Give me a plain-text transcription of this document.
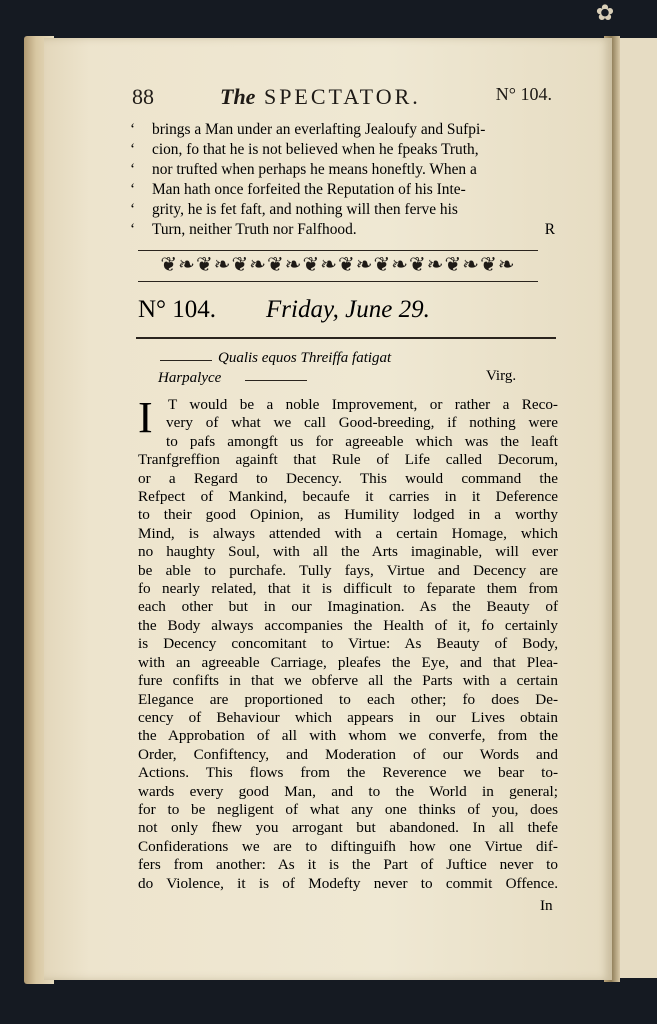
✿
88	The SPECTATOR.	N° 104.
‘ brings a Man under an everlafting Jealoufy and Sufpi-
‘ cion, fo that he is not believed when he fpeaks Truth,
‘ nor trufted when perhaps he means honeftly. When a
‘ Man hath once forfeited the Reputation of his Inte-
‘ grity, he is fet faft, and nothing will then ferve his
‘ Turn, neither Truth nor Falfhood.	R
❦❧❦❧❦❧❦❧❦❧❦❧❦❧❦❧❦❧❦❧
N° 104. Friday, June 29.
Qualis equos Threiffa fatigat
Harpalyce	Virg.
I	T would be a noble Improvement, or rather a Reco-
very of what we call Good-breeding, if nothing were
to pafs amongft us for agreeable which was the leaft
Tranfgreffion againft that Rule of Life called Decorum,
or a Regard to Decency. This would command the
Refpect of Mankind, becaufe it carries in it Deference
to their good Opinion, as Humility lodged in a worthy
Mind, is always attended with a certain Homage, which
no haughty Soul, with all the Arts imaginable, will ever
be able to purchafe. Tully fays, Virtue and Decency are
fo nearly related, that it is difficult to feparate them from
each other but in our Imagination. As the Beauty of
the Body always accompanies the Health of it, fo certainly
is Decency concomitant to Virtue: As Beauty of Body,
with an agreeable Carriage, pleafes the Eye, and that Plea-
fure confifts in that we obferve all the Parts with a certain
Elegance are proportioned to each other; fo does De-
cency of Behaviour which appears in our Lives obtain
the Approbation of all with whom we converfe, from the
Order, Confiftency, and Moderation of our Words and
Actions. This flows from the Reverence we bear to-
wards every good Man, and to the World in general;
for to be negligent of what any one thinks of you, does
not only fhew you arrogant but abandoned. In all thefe
Confiderations we are to diftinguifh how one Virtue dif-
fers from another: As it is the Part of Juftice never to
do Violence, it is of Modefty never to commit Offence.
In
